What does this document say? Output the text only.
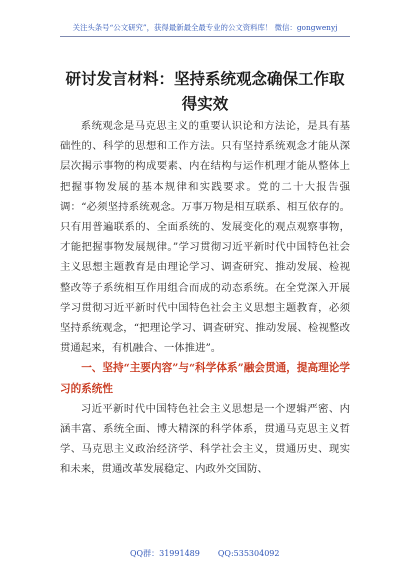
关注头条号“公文研究”，获得最新最全最专业的公文资料库！ 微信：gongwenyj
研讨发言材料：坚持系统观念确保工作取得实效

系统观念是马克思主义的重要认识论和方法论，是具有基础性的、科学的思想和工作方法。只有坚持系统观念才能从深层次揭示事物的构成要素、内在结构与运作机理才能从整体上把握事物发展的基本规律和实践要求。党的二十大报告强调：“必须坚持系统观念。万事万物是相互联系、相互依存的。只有用普遍联系的、全面系统的、发展变化的观点观察事物，才能把握事物发展规律。”学习贯彻习近平新时代中国特色社会主义思想主题教育是由理论学习、调查研究、推动发展、检视整改等子系统相互作用组合而成的动态系统。在全党深入开展学习贯彻习近平新时代中国特色社会主义思想主题教育，必须坚持系统观念，“把理论学习、调查研究、推动发展、检视整改贯通起来，有机融合、一体推进”。

一、坚持“主要内容”与“科学体系”融会贯通，提高理论学习的系统性

习近平新时代中国特色社会主义思想是一个逻辑严密、内涵丰富、系统全面、博大精深的科学体系，贯通马克思主义哲学、马克思主义政治经济学、科学社会主义，贯通历史、现实和未来，贯通改革发展稳定、内政外交国防、

QQ群：31991489 QQ:535304092
